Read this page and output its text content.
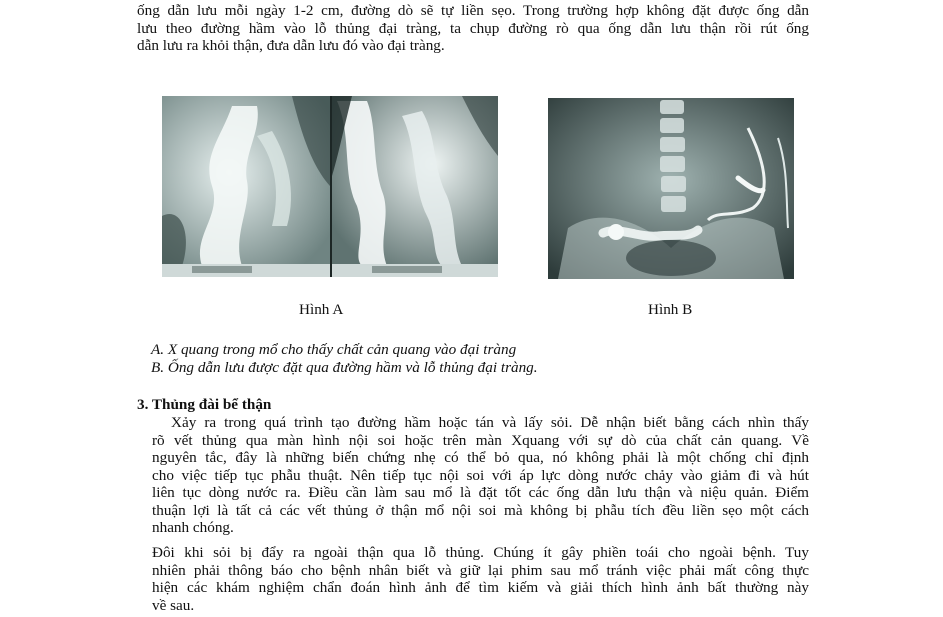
ống dẫn lưu mỗi ngày 1-2 cm, đường dò sẽ tự liền sẹo. Trong trường hợp không đặt được ống dẫn
lưu theo đường hầm vào lỗ thủng đại tràng, ta chụp đường rò qua ống dẫn lưu thận rồi rút ống
dẫn lưu ra khỏi thận, đưa dẫn lưu đó vào đại tràng.

Hình A	Hình B

A. X quang trong mổ cho thấy chất cản quang vào đại tràng

B. Ống dẫn lưu được đặt qua đường hầm và lỗ thủng đại tràng.

3. Thủng đài bể thận

Xảy ra trong quá trình tạo đường hầm hoặc tán và lấy sỏi. Dễ nhận biết bằng cách nhìn thấy
rõ vết thủng qua màn hình nội soi hoặc trên màn Xquang với sự dò của chất cản quang. Về
nguyên tắc, đây là những biến chứng nhẹ có thể bỏ qua, nó không phải là một chống chỉ định
cho việc tiếp tục phẫu thuật. Nên tiếp tục nội soi với áp lực dòng nước chảy vào giảm đi và hút
liên tục dòng nước ra. Điều cần làm sau mổ là đặt tốt các ống dẫn lưu thận và niệu quản. Điểm
thuận lợi là tất cả các vết thủng ở thận mổ nội soi mà không bị phẫu tích đều liền sẹo một cách
nhanh chóng.
Đôi khi sỏi bị đẩy ra ngoài thận qua lỗ thủng. Chúng ít gây phiền toái cho ngoài bệnh. Tuy
nhiên phải thông báo cho bệnh nhân biết và giữ lại phim sau mổ tránh việc phải mất công thực
hiện các khám nghiệm chẩn đoán hình ảnh để tìm kiếm và giải thích hình ảnh bất thường này
về sau.
